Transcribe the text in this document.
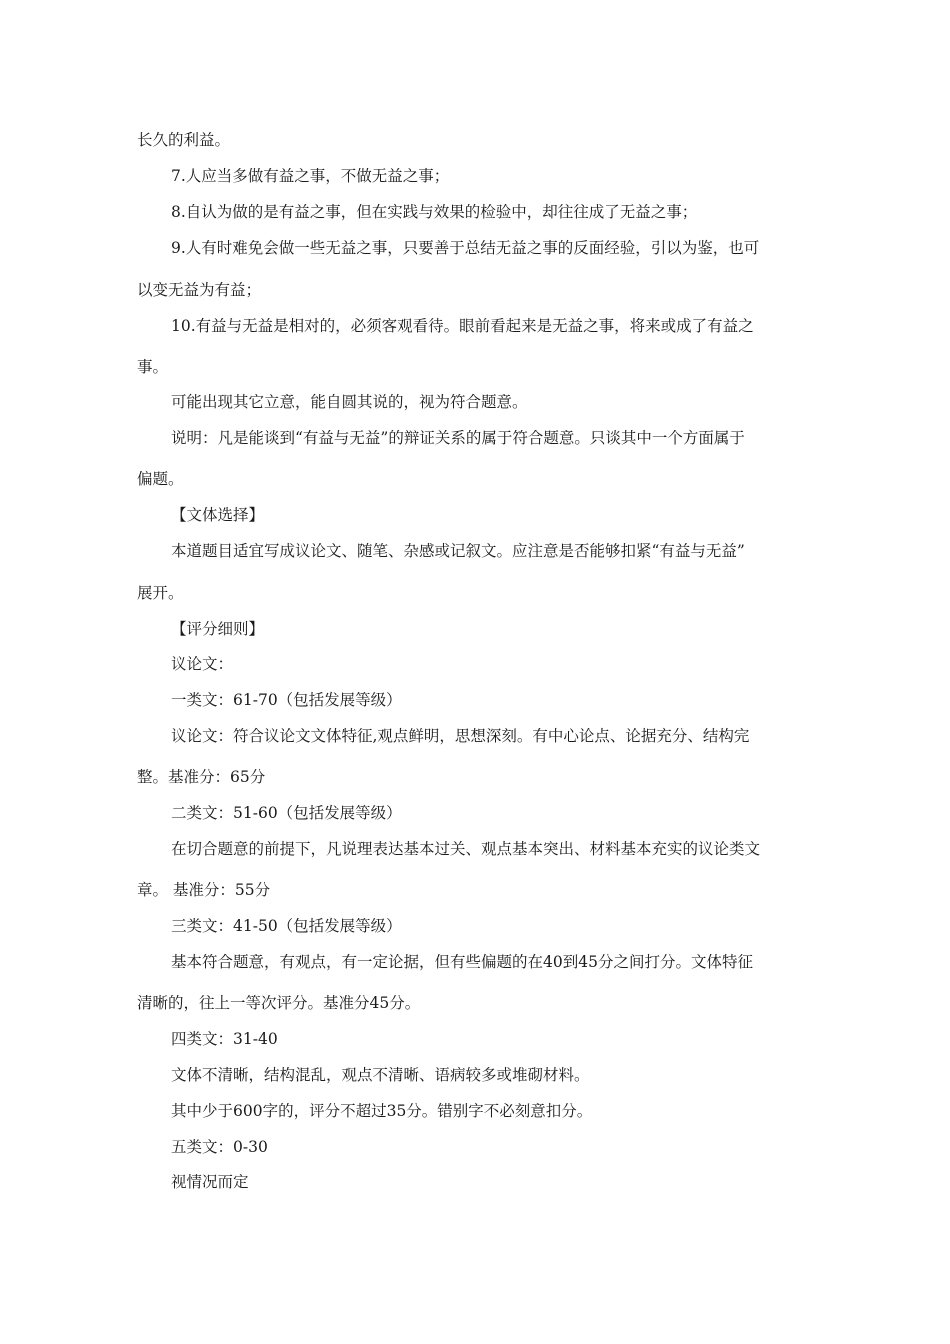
长久的利益。
7.人应当多做有益之事，不做无益之事；
8.自认为做的是有益之事，但在实践与效果的检验中，却往往成了无益之事；
9.人有时难免会做一些无益之事，只要善于总结无益之事的反面经验，引以为鉴，也可
以变无益为有益；
10.有益与无益是相对的，必须客观看待。眼前看起来是无益之事，将来或成了有益之
事。
可能出现其它立意，能自圆其说的，视为符合题意。
说明：凡是能谈到“有益与无益”的辩证关系的属于符合题意。只谈其中一个方面属于
偏题。
【文体选择】
本道题目适宜写成议论文、随笔、杂感或记叙文。应注意是否能够扣紧“有益与无益”
展开。
【评分细则】
议论文：
一类文：61-70（包括发展等级）
议论文：符合议论文文体特征,观点鲜明，思想深刻。有中心论点、论据充分、结构完
整。基准分：65分
二类文：51-60（包括发展等级）
在切合题意的前提下，凡说理表达基本过关、观点基本突出、材料基本充实的议论类文
章。 基准分：55分
三类文：41-50（包括发展等级）
基本符合题意，有观点，有一定论据，但有些偏题的在40到45分之间打分。文体特征
清晰的，往上一等次评分。基准分45分。
四类文：31-40
文体不清晰，结构混乱，观点不清晰、语病较多或堆砌材料。
其中少于600字的，评分不超过35分。错别字不必刻意扣分。
五类文：0-30
视情况而定
